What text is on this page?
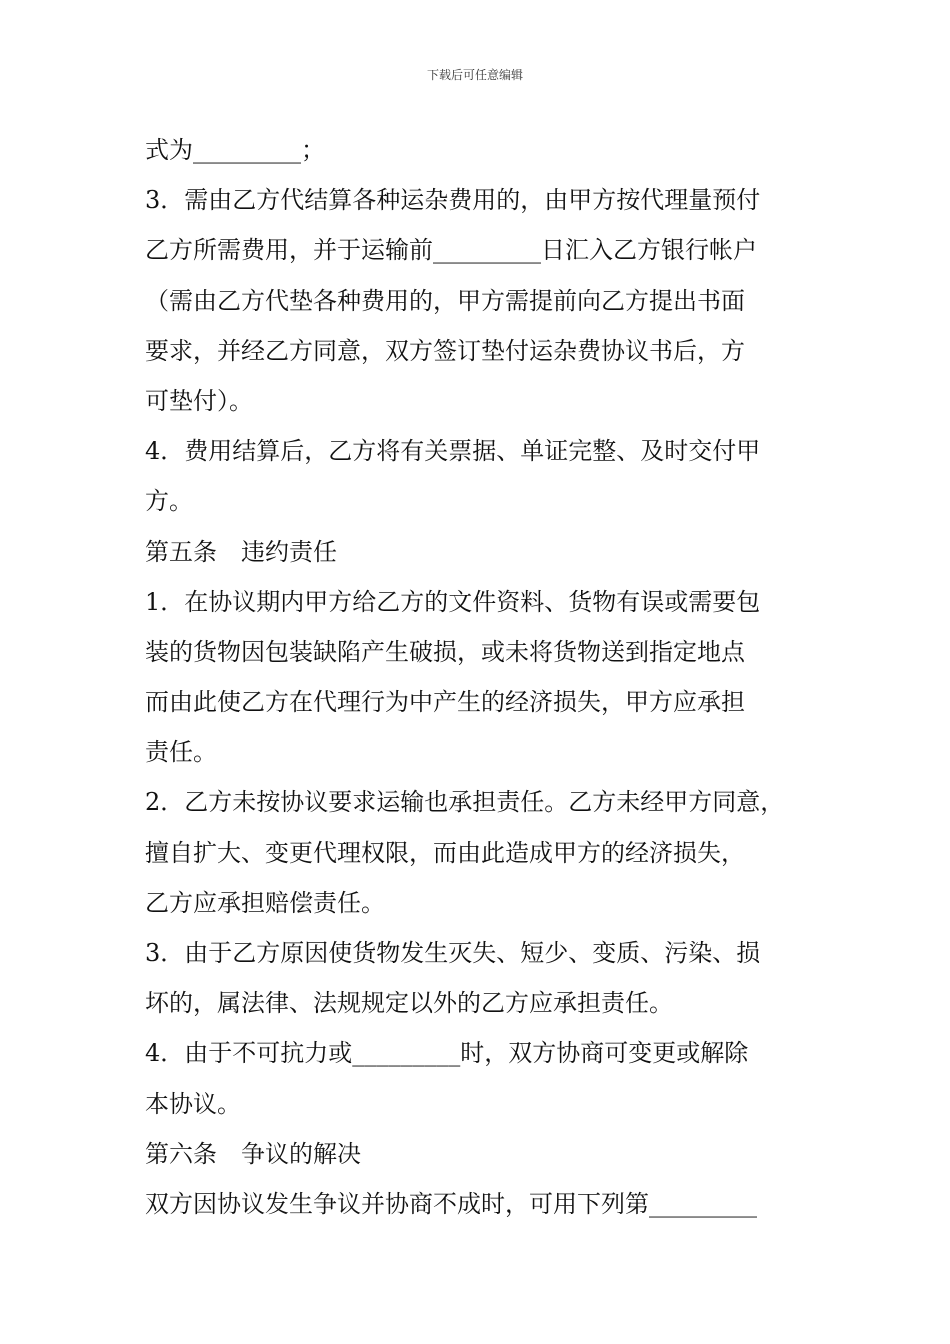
下载后可任意编辑
式为_________；
3．需由乙方代结算各种运杂费用的，由甲方按代理量预付
乙方所需费用，并于运输前_________日汇入乙方银行帐户
（需由乙方代垫各种费用的，甲方需提前向乙方提出书面
要求，并经乙方同意，双方签订垫付运杂费协议书后，方
可垫付）。
4．费用结算后，乙方将有关票据、单证完整、及时交付甲
方。
第五条　违约责任
1．在协议期内甲方给乙方的文件资料、货物有误或需要包
装的货物因包装缺陷产生破损，或未将货物送到指定地点
而由此使乙方在代理行为中产生的经济损失，甲方应承担
责任。
2．乙方未按协议要求运输也承担责任。乙方未经甲方同意，
擅自扩大、变更代理权限，而由此造成甲方的经济损失，
乙方应承担赔偿责任。
3．由于乙方原因使货物发生灭失、短少、变质、污染、损
坏的，属法律、法规规定以外的乙方应承担责任。
4．由于不可抗力或_________时，双方协商可变更或解除
本协议。
第六条　争议的解决
双方因协议发生争议并协商不成时，可用下列第_________
